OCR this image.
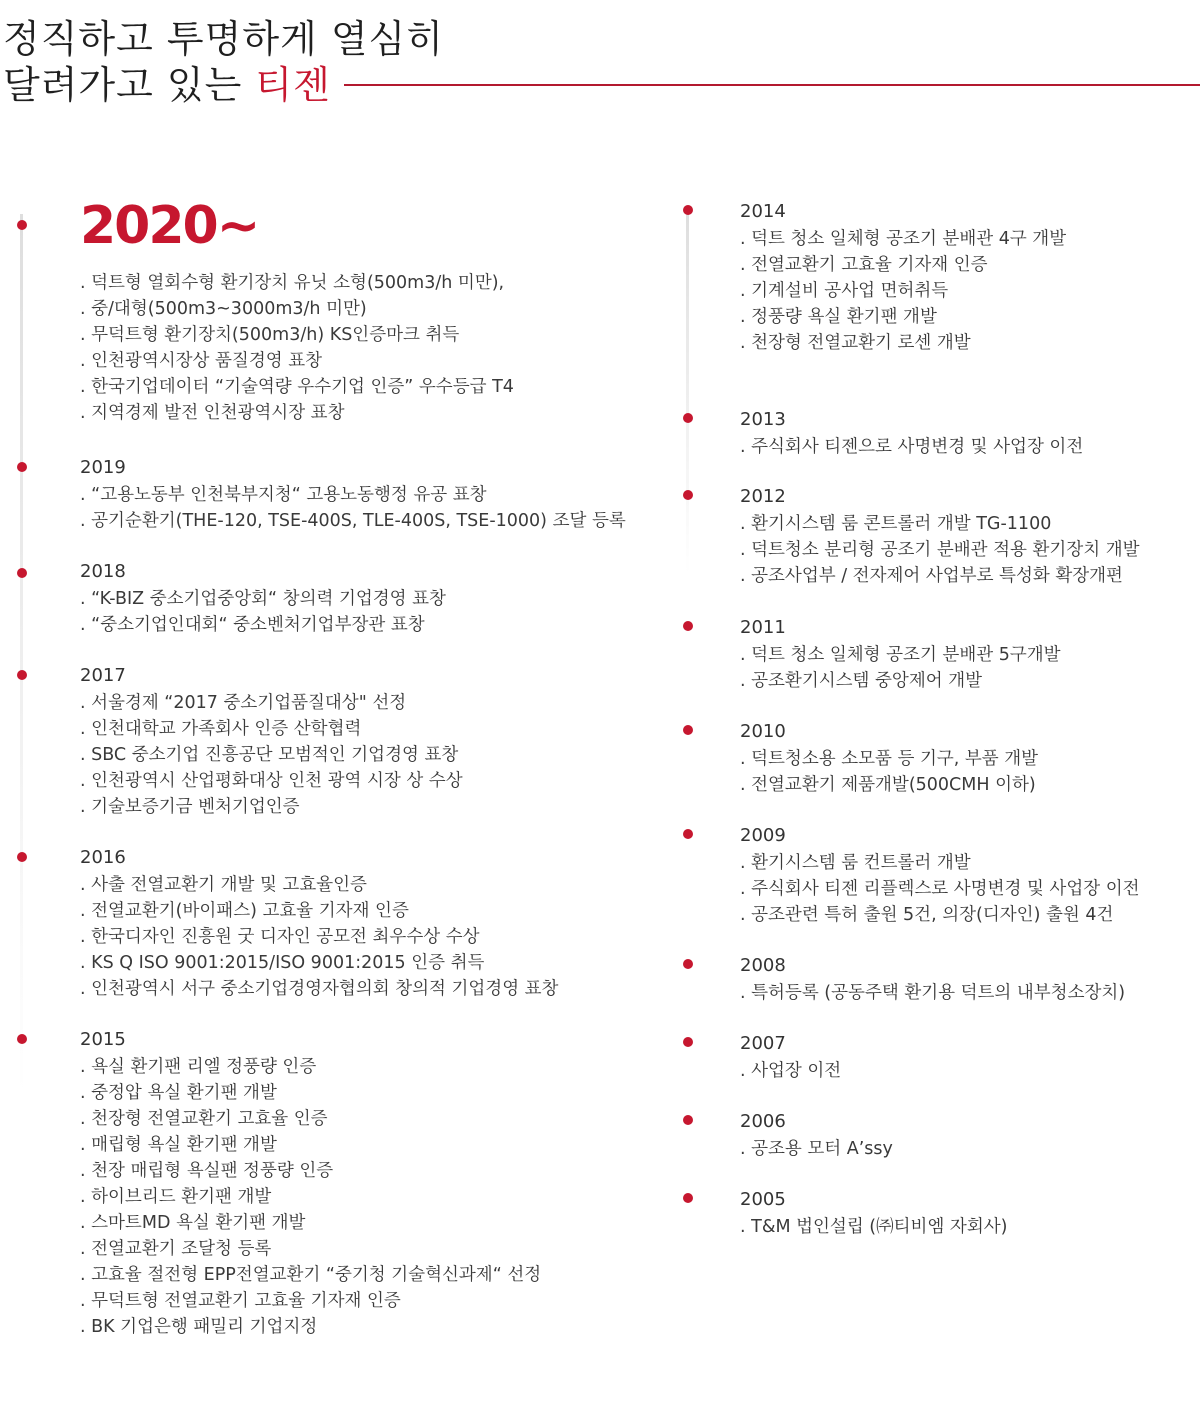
정직하고 투명하게 열심히
달려가고 있는 티젠
2020~
. 덕트형 열회수형 환기장치 유닛 소형(500m3/h 미만),
. 중/대형(500m3~3000m3/h 미만)
. 무덕트형 환기장치(500m3/h) KS인증마크 취득
. 인천광역시장상 품질경영 표창
. 한국기업데이터 “기술역량 우수기업 인증” 우수등급 T4
. 지역경제 발전 인천광역시장 표창
2019
. “고용노동부 인천북부지청“ 고용노동행정 유공 표창
. 공기순환기(THE-120, TSE-400S, TLE-400S, TSE-1000) 조달 등록
2018
. “K-BIZ 중소기업중앙회“ 창의력 기업경영 표창
. “중소기업인대회“ 중소벤처기업부장관 표창
2017
. 서울경제 “2017 중소기업품질대상" 선정
. 인천대학교 가족회사 인증 산학협력
. SBC 중소기업 진흥공단 모범적인 기업경영 표창
. 인천광역시 산업평화대상 인천 광역 시장 상 수상
. 기술보증기금 벤처기업인증
2016
. 사출 전열교환기 개발 및 고효율인증
. 전열교환기(바이패스) 고효율 기자재 인증
. 한국디자인 진흥원 굿 디자인 공모전 최우수상 수상
. KS Q ISO 9001:2015/ISO 9001:2015 인증 취득
. 인천광역시 서구 중소기업경영자협의회 창의적 기업경영 표창
2015
. 욕실 환기팬 리엘 정풍량 인증
. 중정압 욕실 환기팬 개발
. 천장형 전열교환기 고효율 인증
. 매립형 욕실 환기팬 개발
. 천장 매립형 욕실팬 정풍량 인증
. 하이브리드 환기팬 개발
. 스마트MD 욕실 환기팬 개발
. 전열교환기 조달청 등록
. 고효율 절전형 EPP전열교환기 “중기청 기술혁신과제“ 선정
. 무덕트형 전열교환기 고효율 기자재 인증
. BK 기업은행 패밀리 기업지정
2014
. 덕트 청소 일체형 공조기 분배관 4구 개발
. 전열교환기 고효율 기자재 인증
. 기계설비 공사업 면허취득
. 정풍량 욕실 환기팬 개발
. 천장형 전열교환기 로센 개발
2013
. 주식회사 티젠으로 사명변경 및 사업장 이전
2012
. 환기시스템 룸 콘트롤러 개발 TG-1100
. 덕트청소 분리형 공조기 분배관 적용 환기장치 개발
. 공조사업부 / 전자제어 사업부로 특성화 확장개편
2011
. 덕트 청소 일체형 공조기 분배관 5구개발
. 공조환기시스템 중앙제어 개발
2010
. 덕트청소용 소모품 등 기구, 부품 개발
. 전열교환기 제품개발(500CMH 이하)
2009
. 환기시스템 룸 컨트롤러 개발
. 주식회사 티젠 리플렉스로 사명변경 및 사업장 이전
. 공조관련 특허 출원 5건, 의장(디자인) 출원 4건
2008
. 특허등록 (공동주택 환기용 덕트의 내부청소장치)
2007
. 사업장 이전
2006
. 공조용 모터 A’ssy
2005
. T&M 법인설립 (㈜티비엠 자회사)
